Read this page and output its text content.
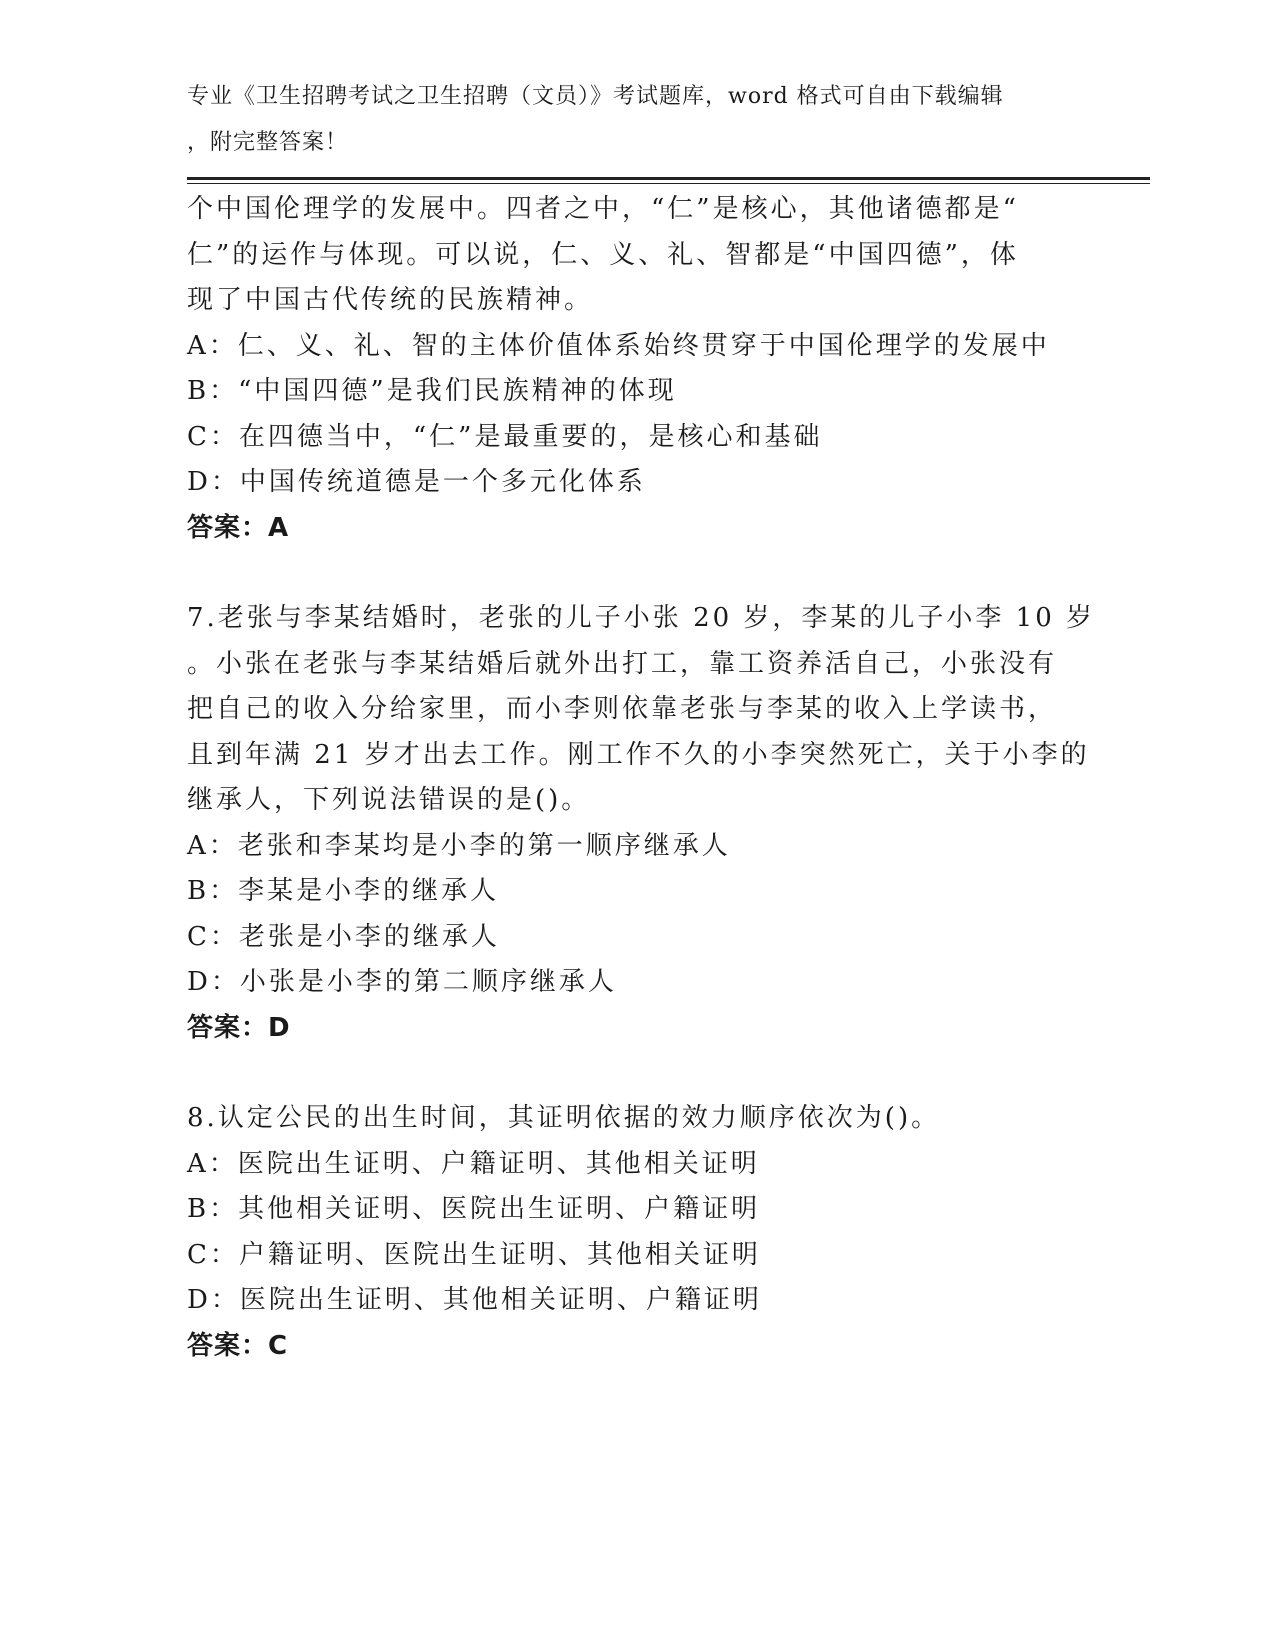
专业《卫生招聘考试之卫生招聘（文员）》考试题库，word 格式可自由下载编辑
，附完整答案！
个中国伦理学的发展中。四者之中，“仁”是核心，其他诸德都是“
仁”的运作与体现。可以说，仁、义、礼、智都是“中国四德”，体
现了中国古代传统的民族精神。
A：仁、义、礼、智的主体价值体系始终贯穿于中国伦理学的发展中
B：“中国四德”是我们民族精神的体现
C：在四德当中，“仁”是最重要的，是核心和基础
D：中国传统道德是一个多元化体系
答案：A
7.老张与李某结婚时，老张的儿子小张 20 岁，李某的儿子小李 10 岁
。小张在老张与李某结婚后就外出打工，靠工资养活自己，小张没有
把自己的收入分给家里，而小李则依靠老张与李某的收入上学读书，
且到年满 21 岁才出去工作。刚工作不久的小李突然死亡，关于小李的
继承人，下列说法错误的是()。
A：老张和李某均是小李的第一顺序继承人
B：李某是小李的继承人
C：老张是小李的继承人
D：小张是小李的第二顺序继承人
答案：D
8.认定公民的出生时间，其证明依据的效力顺序依次为()。
A：医院出生证明、户籍证明、其他相关证明
B：其他相关证明、医院出生证明、户籍证明
C：户籍证明、医院出生证明、其他相关证明
D：医院出生证明、其他相关证明、户籍证明
答案：C
